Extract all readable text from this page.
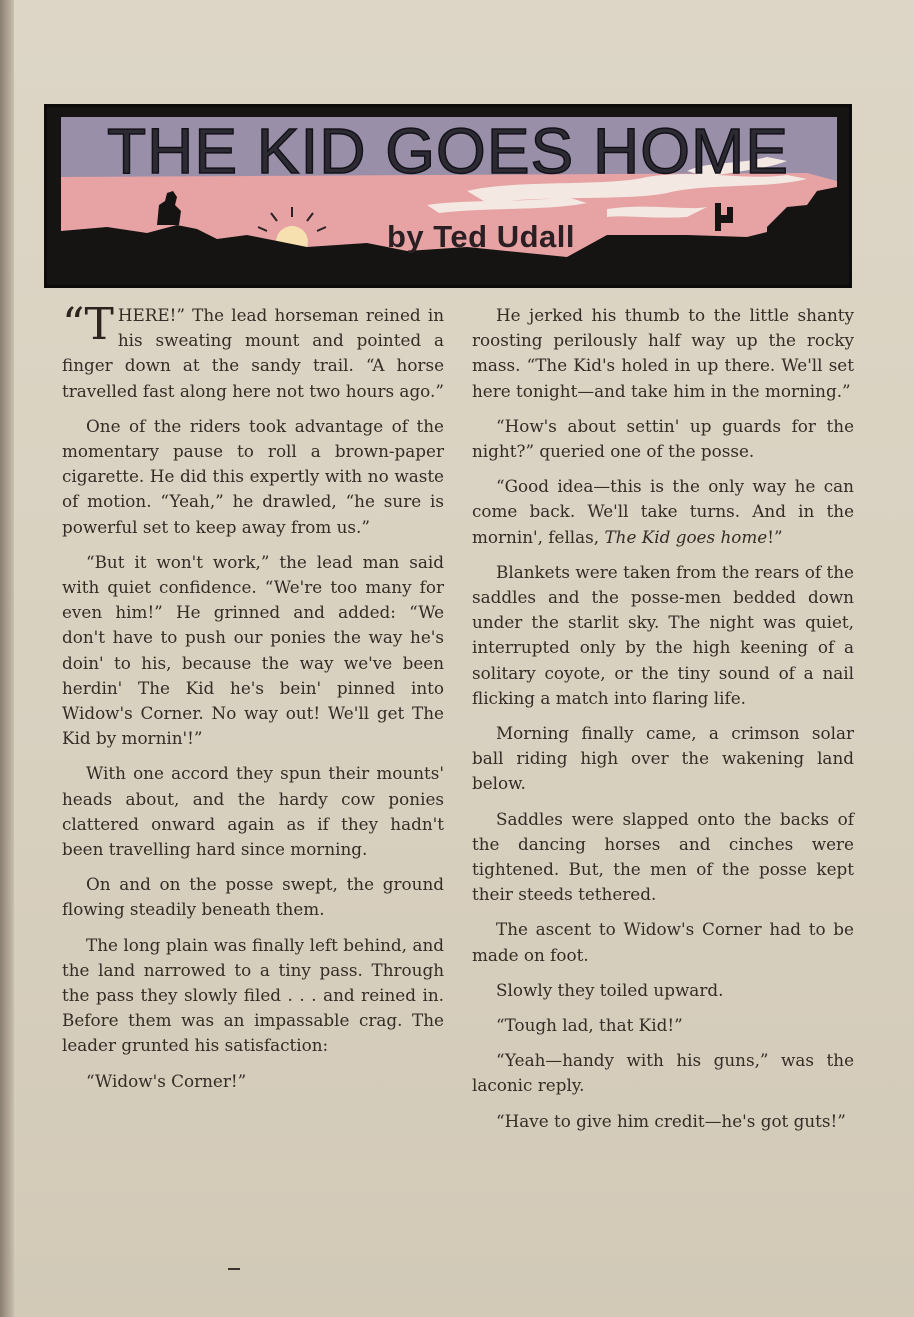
THE KID GOES HOME
by Ted Udall

“T HERE!” The lead horseman reined in his sweating mount and pointed a finger down at the sandy trail. “A horse travelled fast along here not two hours ago.”

One of the riders took advantage of the momentary pause to roll a brown-paper cigarette. He did this expertly with no waste of motion. “Yeah,” he drawled, “he sure is powerful set to keep away from us.”

“But it won't work,” the lead man said with quiet confidence. “We're too many for even him!” He grinned and added: “We don't have to push our ponies the way he's doin' to his, because the way we've been herdin' The Kid he's bein' pinned into Widow's Corner. No way out! We'll get The Kid by mornin'!”

With one accord they spun their mounts' heads about, and the hardy cow ponies clattered onward again as if they hadn't been travelling hard since morning.

On and on the posse swept, the ground flowing steadily beneath them.

The long plain was finally left behind, and the land narrowed to a tiny pass. Through the pass they slowly filed . . . and reined in. Before them was an impassable crag. The leader grunted his satisfaction:

“Widow's Corner!”

He jerked his thumb to the little shanty roosting perilously half way up the rocky mass. “The Kid's holed in up there. We'll set here tonight—and take him in the morning.”

“How's about settin' up guards for the night?” queried one of the posse.

“Good idea—this is the only way he can come back. We'll take turns. And in the mornin', fellas, The Kid goes home!”

Blankets were taken from the rears of the saddles and the posse-men bedded down under the starlit sky. The night was quiet, interrupted only by the high keening of a solitary coyote, or the tiny sound of a nail flicking a match into flaring life.

Morning finally came, a crimson solar ball riding high over the wakening land below.

Saddles were slapped onto the backs of the dancing horses and cinches were tightened. But, the men of the posse kept their steeds tethered.

The ascent to Widow's Corner had to be made on foot.

Slowly they toiled upward.

“Tough lad, that Kid!”

“Yeah—handy with his guns,” was the laconic reply.

“Have to give him credit—he's got guts!”
